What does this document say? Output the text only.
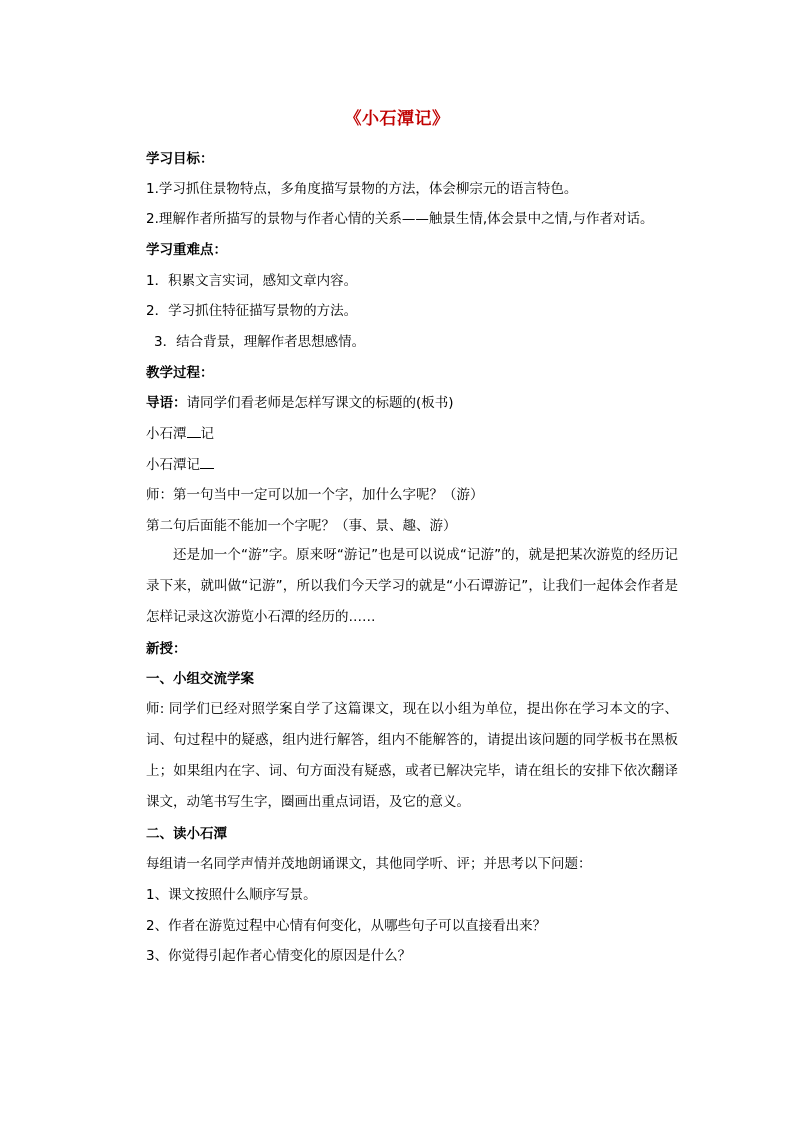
《小石潭记》
学习目标：
1.学习抓住景物特点，多角度描写景物的方法，体会柳宗元的语言特色。
2.理解作者所描写的景物与作者心情的关系——触景生情,体会景中之情,与作者对话。
学习重难点：
1．积累文言实词，感知文章内容。
2．学习抓住特征描写景物的方法。
3．结合背景，理解作者思想感情。
教学过程：
导语：请同学们看老师是怎样写课文的标题的(板书)
小石潭 记
小石潭记
师：第一句当中一定可以加一个字，加什么字呢？（游）
第二句后面能不能加一个字呢？（事、景、趣、游）
还是加一个“游”字。原来呀“游记”也是可以说成“记游”的，就是把某次游览的经历记录下来，就叫做“记游”，所以我们今天学习的就是“小石谭游记”，让我们一起体会作者是怎样记录这次游览小石潭的经历的……
新授：
一、小组交流学案
师: 同学们已经对照学案自学了这篇课文，现在以小组为单位，提出你在学习本文的字、词、句过程中的疑惑，组内进行解答，组内不能解答的，请提出该问题的同学板书在黑板上；如果组内在字、词、句方面没有疑惑，或者已解决完毕，请在组长的安排下依次翻译课文，动笔书写生字，圈画出重点词语，及它的意义。
二、读小石潭
每组请一名同学声情并茂地朗诵课文，其他同学听、评；并思考以下问题：
1、课文按照什么顺序写景。
2、作者在游览过程中心情有何变化，从哪些句子可以直接看出来？
3、你觉得引起作者心情变化的原因是什么？
